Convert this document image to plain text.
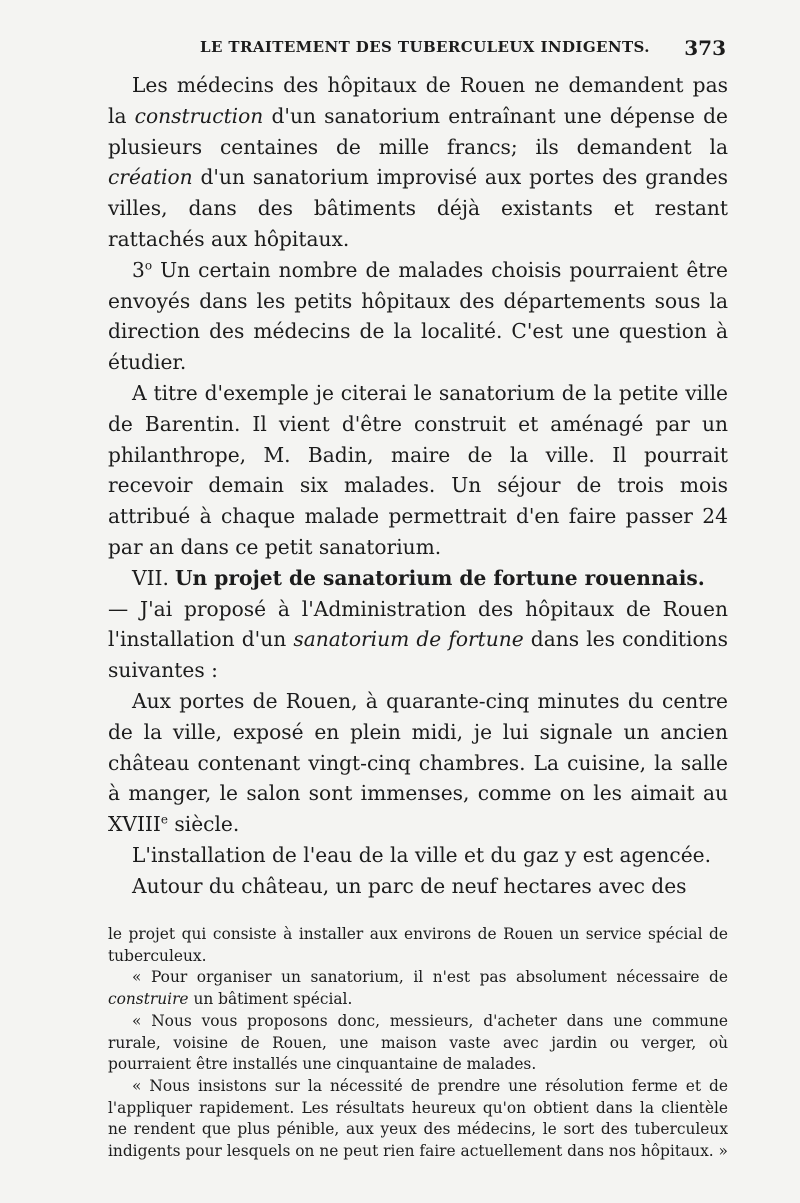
LE TRAITEMENT DES TUBERCULEUX INDIGENTS. 373

Les médecins des hôpitaux de Rouen ne demandent pas la construction d'un sanatorium entraînant une dépense de plusieurs centaines de mille francs; ils demandent la création d'un sanatorium improvisé aux portes des grandes villes, dans des bâtiments déjà existants et restant rattachés aux hôpitaux.

3$^o$ Un certain nombre de malades choisis pourraient être envoyés dans les petits hôpitaux des départements sous la direction des médecins de la localité. C'est une question à étudier.

A titre d'exemple je citerai le sanatorium de la petite ville de Barentin. Il vient d'être construit et aménagé par un philanthrope, M. Badin, maire de la ville. Il pourrait recevoir demain six malades. Un séjour de trois mois attribué à chaque malade permettrait d'en faire passer 24 par an dans ce petit sanatorium.

VII. Un projet de sanatorium de fortune rouennais.

— J'ai proposé à l'Administration des hôpitaux de Rouen l'installation d'un sanatorium de fortune dans les conditions suivantes :

Aux portes de Rouen, à quarante-cinq minutes du centre de la ville, exposé en plein midi, je lui signale un ancien château contenant vingt-cinq chambres. La cuisine, la salle à manger, le salon sont immenses, comme on les aimait au XVIIIe siècle.

L'installation de l'eau de la ville et du gaz y est agencée.

Autour du château, un parc de neuf hectares avec des

le projet qui consiste à installer aux environs de Rouen un service spécial de tuberculeux.

« Pour organiser un sanatorium, il n'est pas absolument nécessaire de construire un bâtiment spécial.

« Nous vous proposons donc, messieurs, d'acheter dans une commune rurale, voisine de Rouen, une maison vaste avec jardin ou verger, où pourraient être installés une cinquantaine de malades.

« Nous insistons sur la nécessité de prendre une résolution ferme et de l'appliquer rapidement. Les résultats heureux qu'on obtient dans la clientèle ne rendent que plus pénible, aux yeux des médecins, le sort des tuberculeux indigents pour lesquels on ne peut rien faire actuellement dans nos hôpitaux. »
